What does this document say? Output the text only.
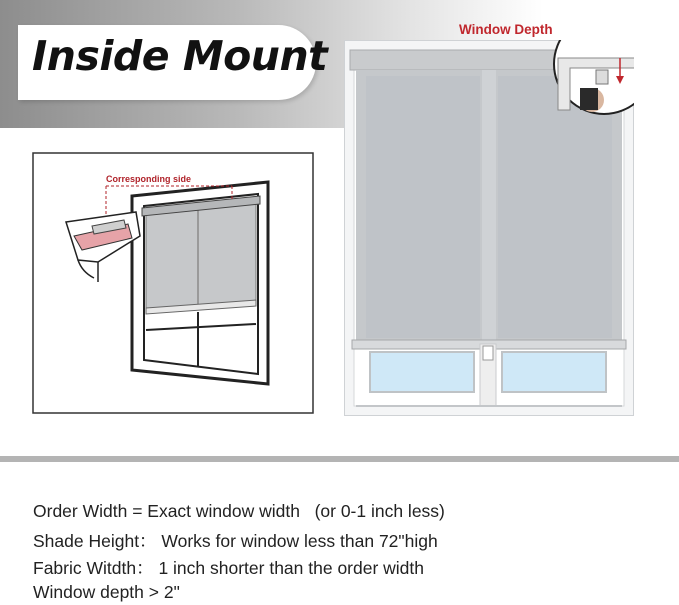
Inside Mount
Corresponding side
Window Depth
Order Width = Exact window width   (or 0-1 inch less)
Shade Height： Works for window less than 72"high
Fabric Witdth： 1 inch shorter than the order width
Window depth > 2"
